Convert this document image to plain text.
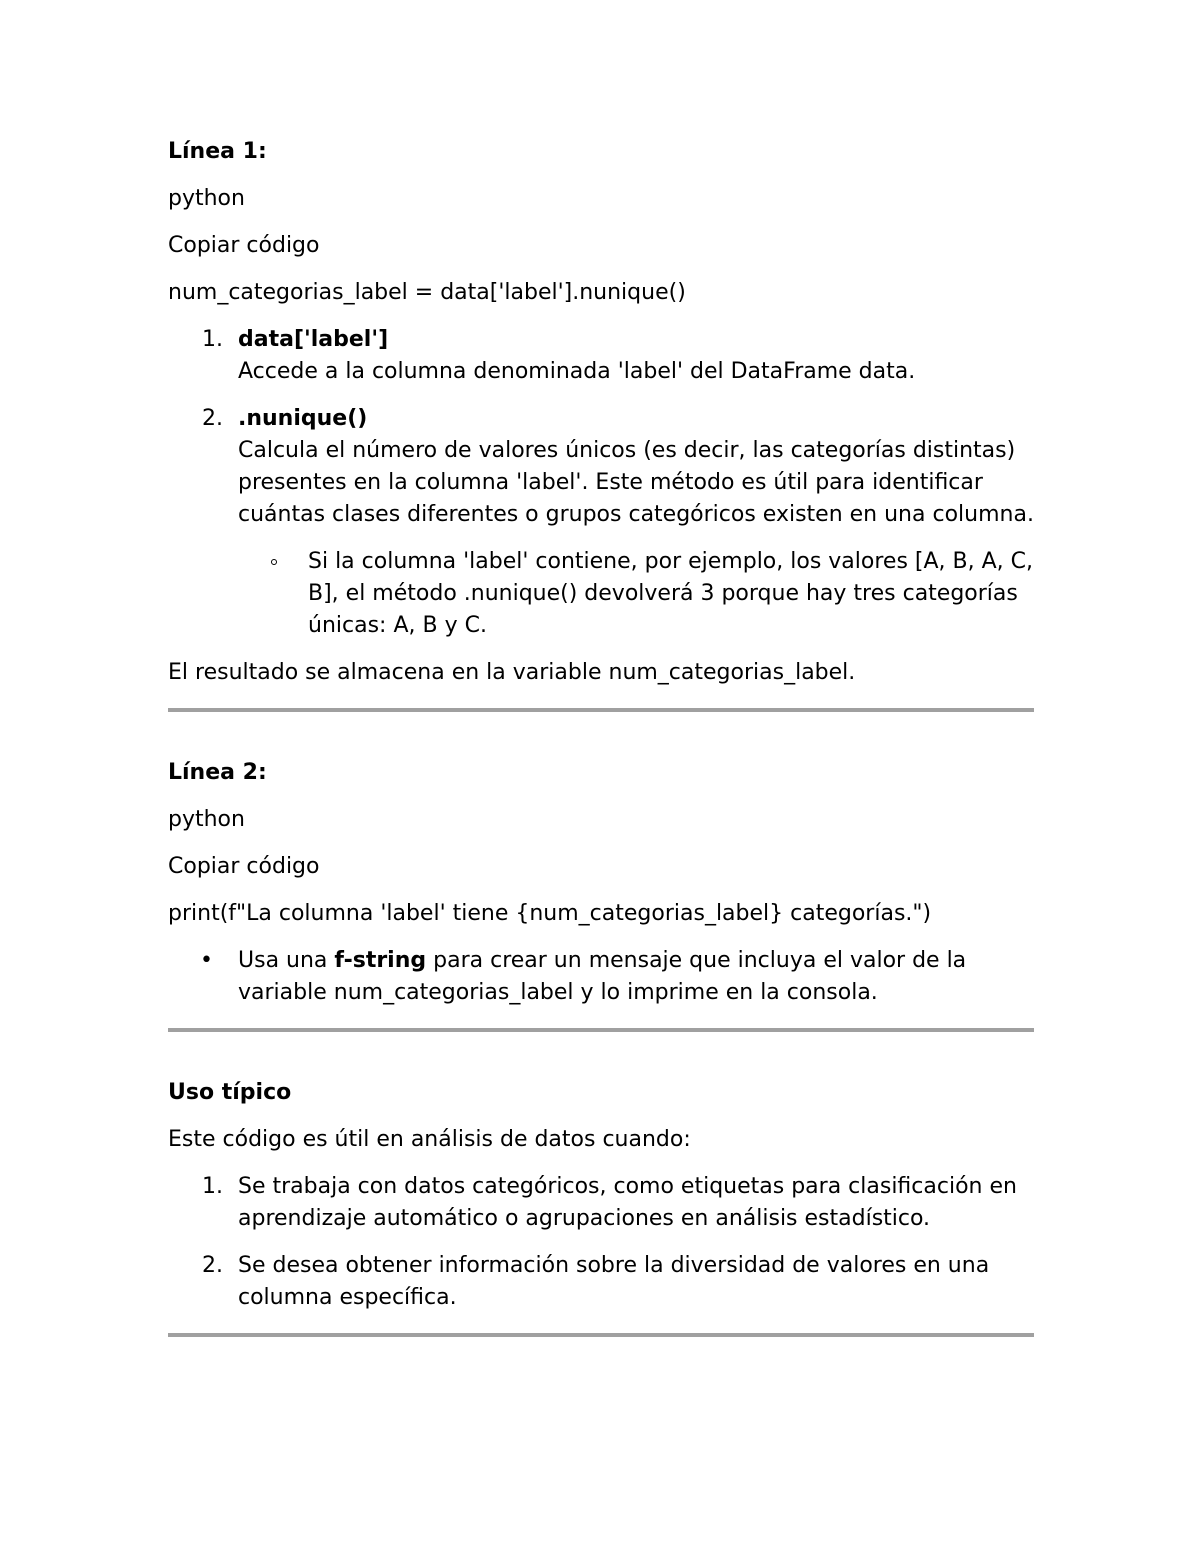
Línea 1:

python

Copiar código

num_categorias_label = data['label'].nunique()

1. data['label']
Accede a la columna denominada 'label' del DataFrame data.
2. .nunique()
Calcula el número de valores únicos (es decir, las categorías distintas) presentes en la columna 'label'. Este método es útil para identificar cuántas clases diferentes o grupos categóricos existen en una columna.
Si la columna 'label' contiene, por ejemplo, los valores [A, B, A, C, B], el método .nunique() devolverá 3 porque hay tres categorías únicas: A, B y C.

El resultado se almacena en la variable num_categorias_label.

Línea 2:

python

Copiar código

print(f"La columna 'label' tiene {num_categorias_label} categorías.")

• Usa una f-string para crear un mensaje que incluya el valor de la variable num_categorias_label y lo imprime en la consola.

Uso típico

Este código es útil en análisis de datos cuando:

1. Se trabaja con datos categóricos, como etiquetas para clasificación en aprendizaje automático o agrupaciones en análisis estadístico.
2. Se desea obtener información sobre la diversidad de valores en una columna específica.
